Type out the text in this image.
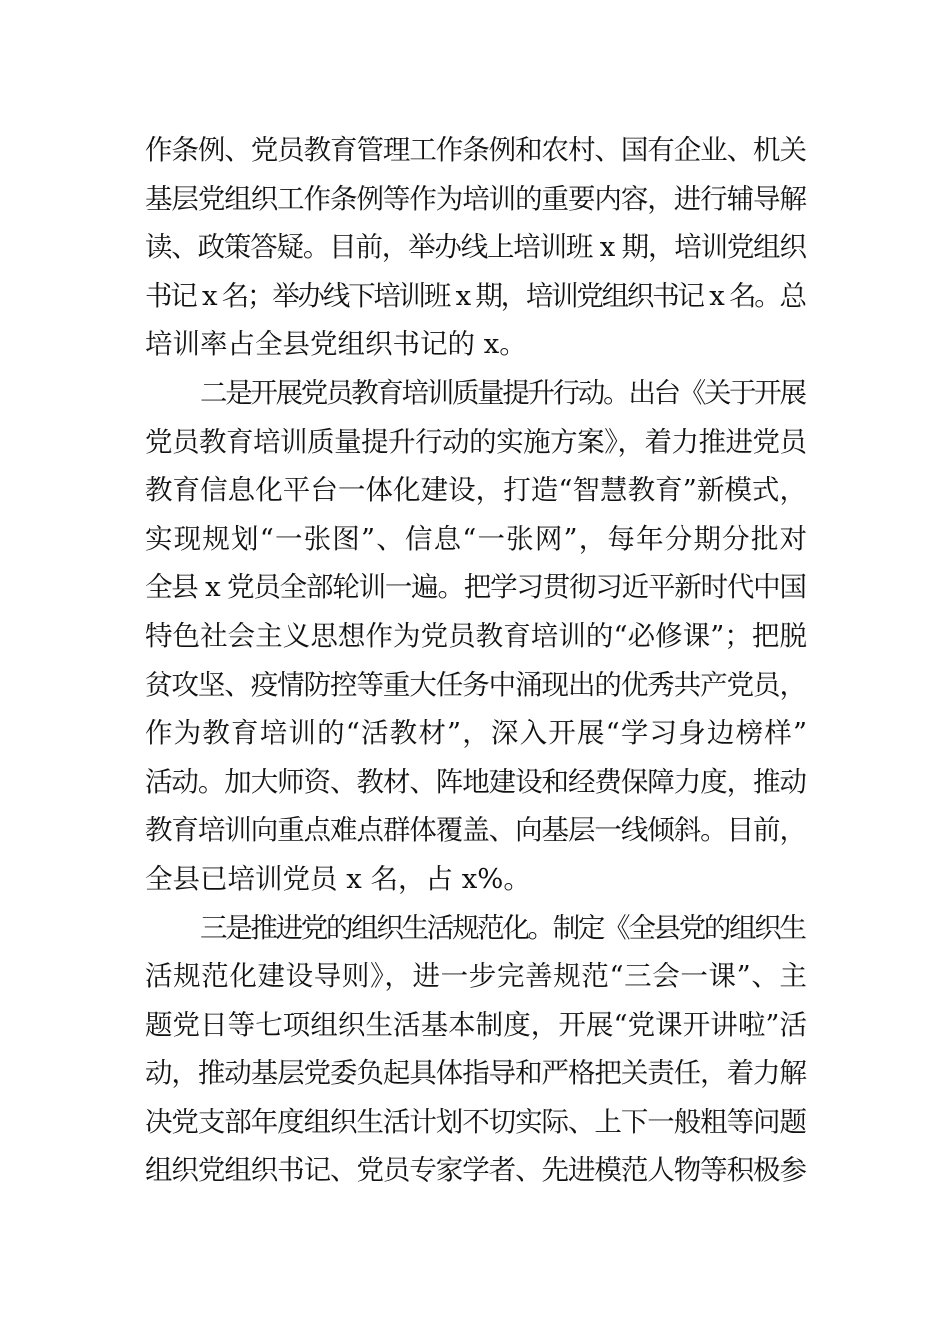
作条例、党员教育管理工作条例和农村、国有企业、机关
基层党组织工作条例等作为培训的重要内容，进行辅导解
读、政策答疑。目前，举办线上培训班 x 期，培训党组织
书记 x 名；举办线下培训班 x 期，培训党组织书记 x 名。总
培训率占全县党组织书记的 x。
二是开展党员教育培训质量提升行动。出台《关于开展
党员教育培训质量提升行动的实施方案》，着力推进党员
教育信息化平台一体化建设，打造“智慧教育”新模式，
实现规划“一张图”、信息“一张网”，每年分期分批对
全县 x 党员全部轮训一遍。把学习贯彻习近平新时代中国
特色社会主义思想作为党员教育培训的“必修课”；把脱
贫攻坚、疫情防控等重大任务中涌现出的优秀共产党员，
作为教育培训的“活教材”，深入开展“学习身边榜样”
活动。加大师资、教材、阵地建设和经费保障力度，推动
教育培训向重点难点群体覆盖、向基层一线倾斜。目前，
全县已培训党员 x 名，占 x%。
三是推进党的组织生活规范化。制定《全县党的组织生
活规范化建设导则》，进一步完善规范“三会一课”、主
题党日等七项组织生活基本制度，开展“党课开讲啦”活
动，推动基层党委负起具体指导和严格把关责任，着力解
决党支部年度组织生活计划不切实际、上下一般粗等问题
组织党组织书记、党员专家学者、先进模范人物等积极参
